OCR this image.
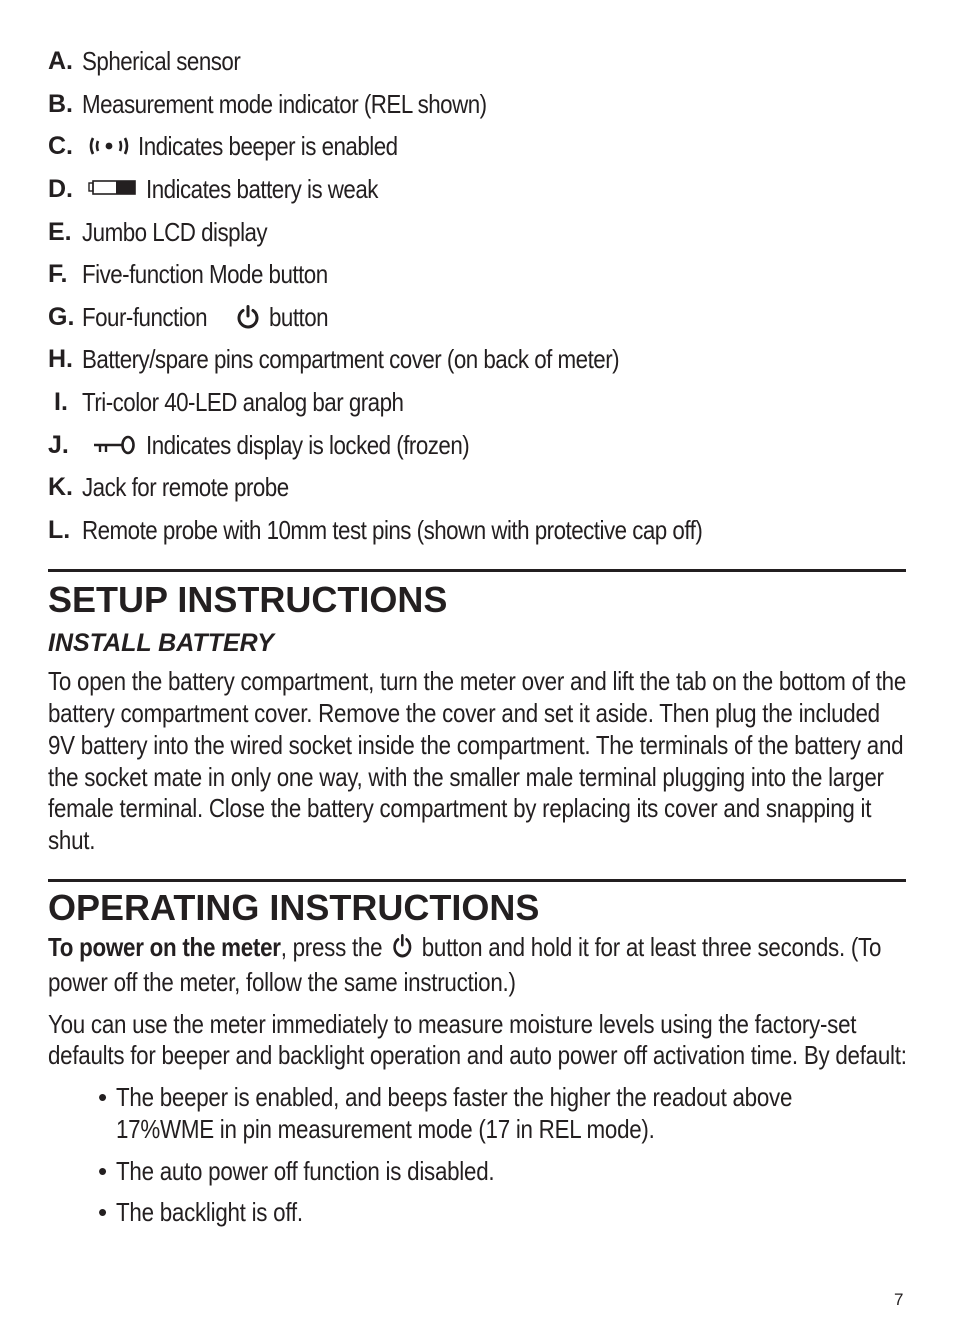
A. Spherical sensor
B. Measurement mode indicator (REL shown)
C.	Indicates beeper is enabled
D.	Indicates battery is weak
E. Jumbo LCD display
F. Five-function Mode button
G. Four-function button
H. Battery/spare pins compartment cover (on back of meter)
I. Tri-color 40-LED analog bar graph
J.	Indicates display is locked (frozen)
K. Jack for remote probe
L. Remote probe with 10mm test pins (shown with protective cap off)
SETUP INSTRUCTIONS
INSTALL BATTERY

To open the battery compartment, turn the meter over and lift the tab on the bottom of the battery compartment cover. Remove the cover and set it aside. Then plug the included 9V battery into the wired socket inside the compartment. The terminals of the battery and the socket mate in only one way, with the smaller male terminal plugging into the larger female terminal. Close the battery compartment by replacing its cover and snapping it shut.

OPERATING INSTRUCTIONS

To power on the meter, press the button and hold it for at least three seconds. (To power off the meter, follow the same instruction.)

You can use the meter immediately to measure moisture levels using the factory-set defaults for beeper and backlight operation and auto power off activation time. By default:

• The beeper is enabled, and beeps faster the higher the readout above 17%WME in pin measurement mode (17 in REL mode).
• The auto power off function is disabled.
• The backlight is off.
7
